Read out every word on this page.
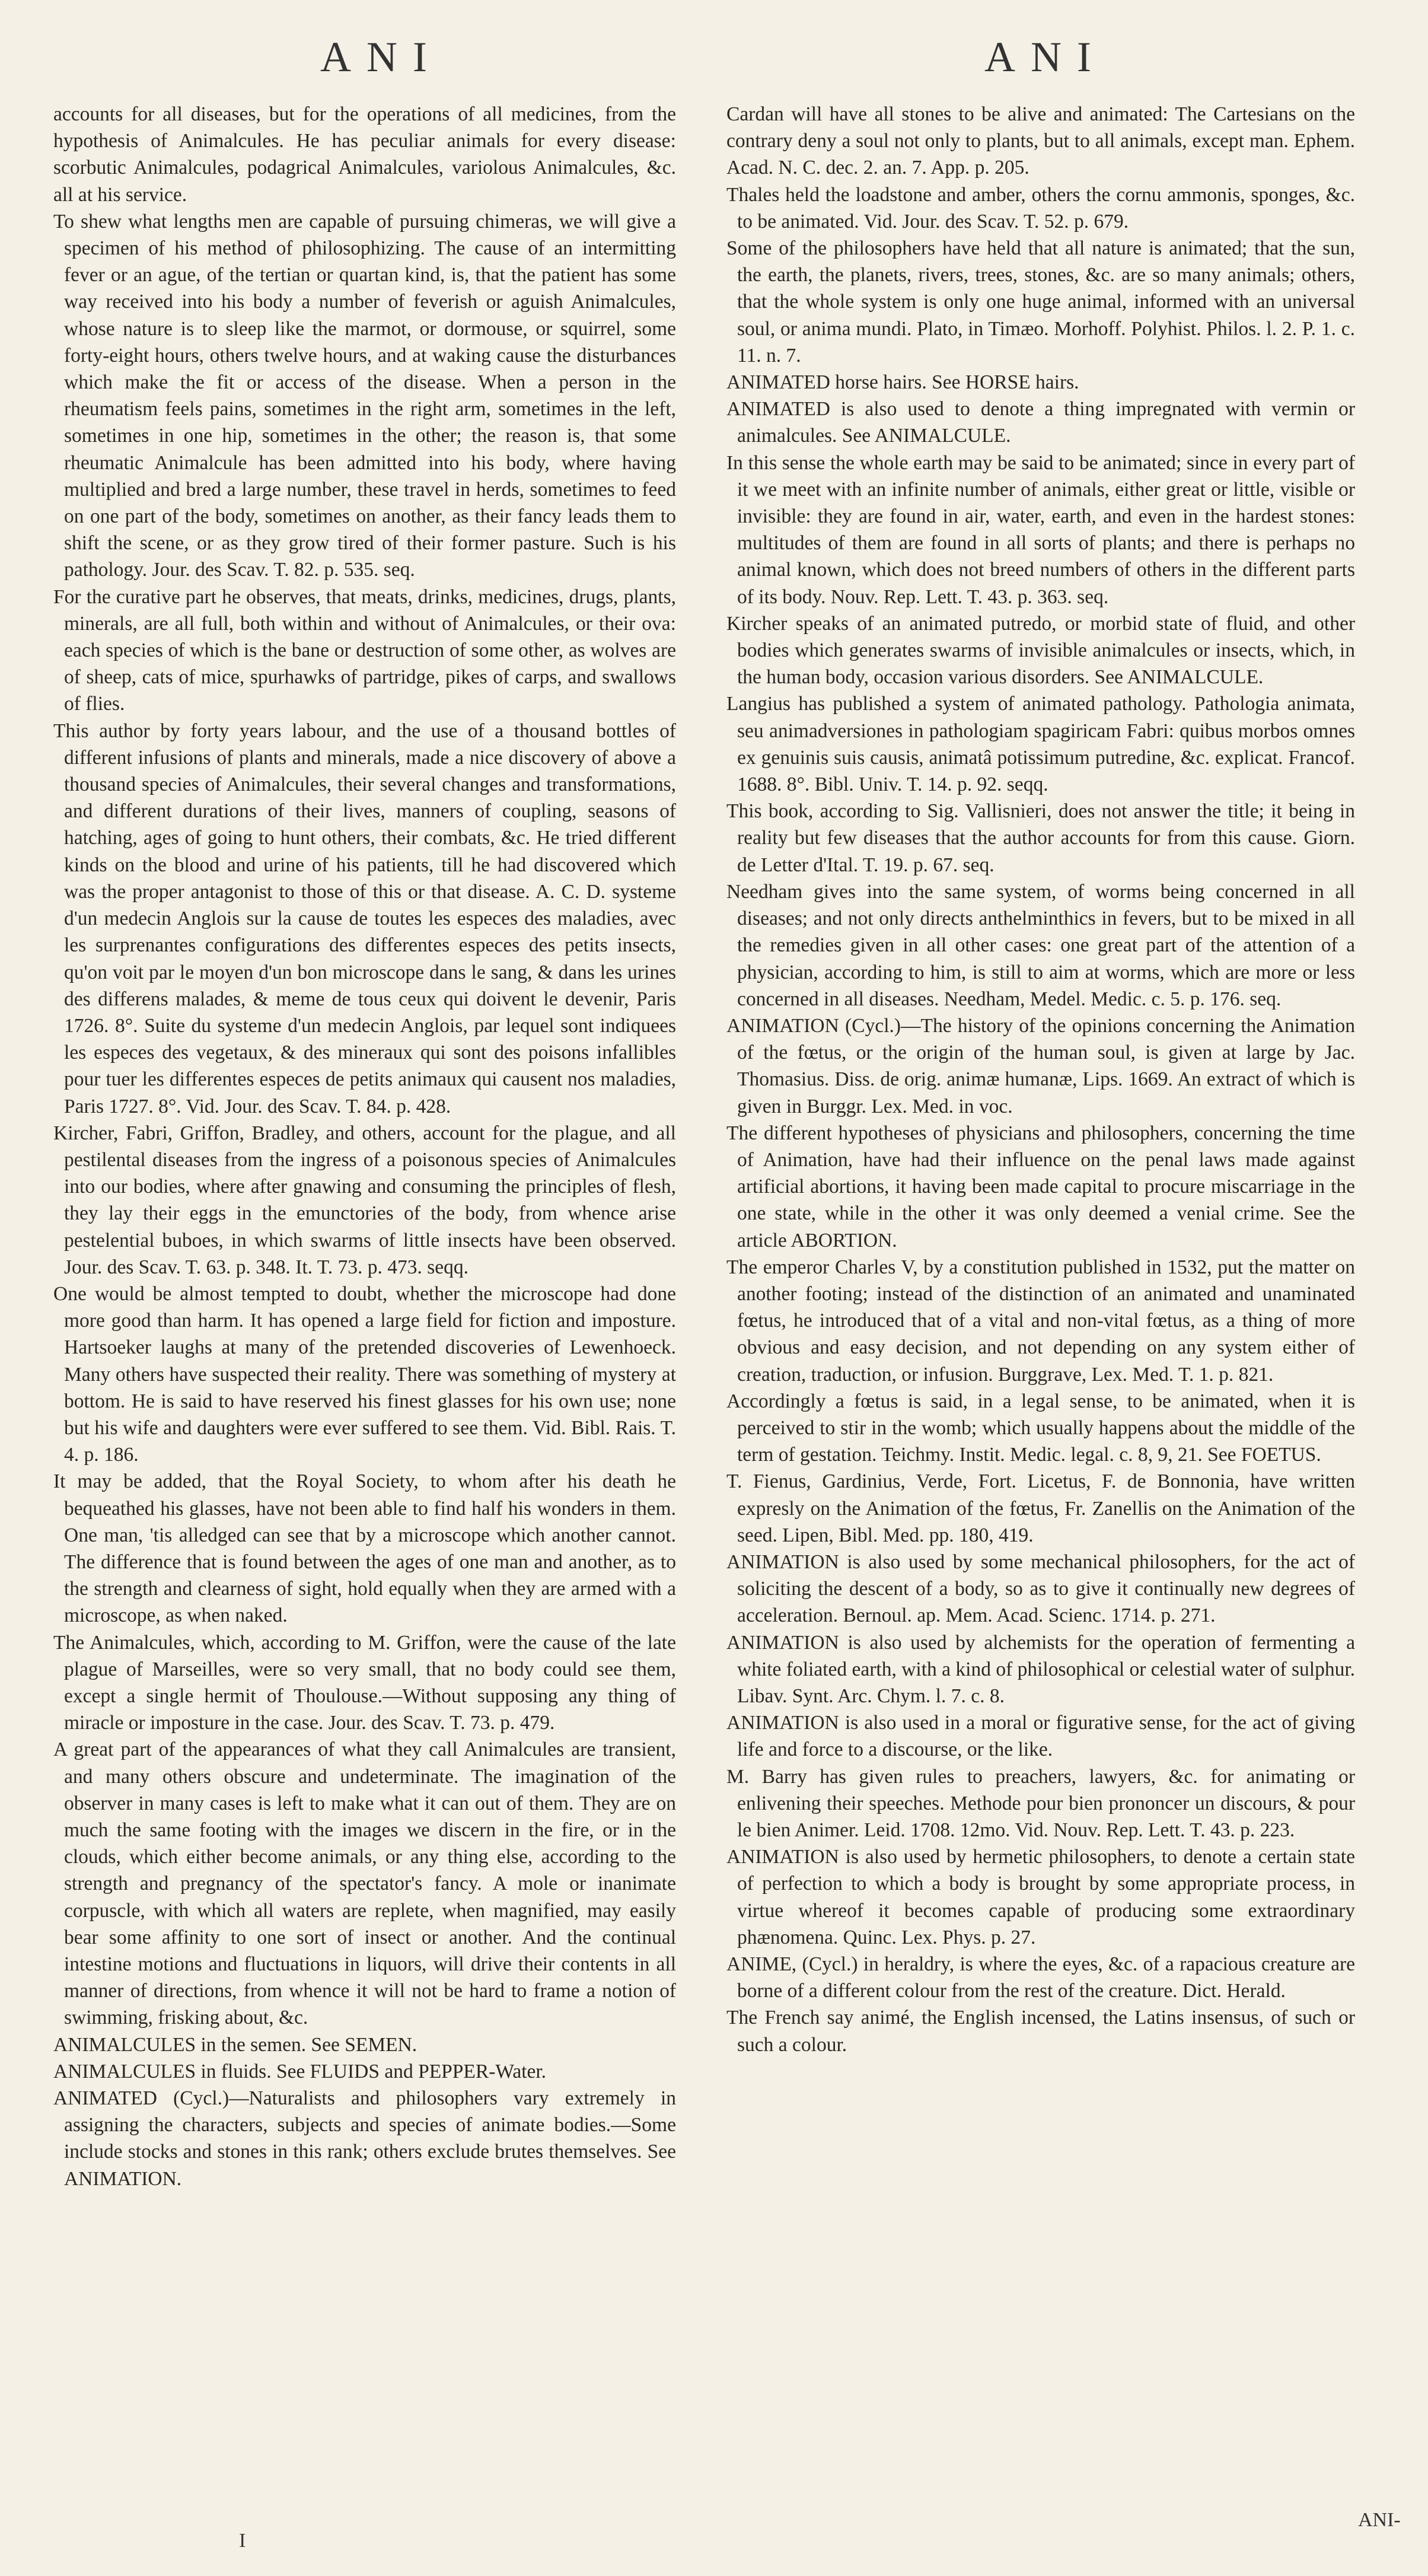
ANI	ANI

accounts for all diseases, but for the operations of all medicines, from the hypothesis of Animalcules. He has peculiar animals for every disease: scorbutic Animalcules, podagrical Animalcules, variolous Animalcules, &c. all at his service.

To shew what lengths men are capable of pursuing chimeras, we will give a specimen of his method of philosophizing. The cause of an intermitting fever or an ague, of the tertian or quartan kind, is, that the patient has some way received into his body a number of feverish or aguish Animalcules, whose nature is to sleep like the marmot, or dormouse, or squirrel, some forty-eight hours, others twelve hours, and at waking cause the disturbances which make the fit or access of the disease. When a person in the rheumatism feels pains, sometimes in the right arm, sometimes in the left, sometimes in one hip, sometimes in the other; the reason is, that some rheumatic Animalcule has been admitted into his body, where having multiplied and bred a large number, these travel in herds, sometimes to feed on one part of the body, sometimes on another, as their fancy leads them to shift the scene, or as they grow tired of their former pasture. Such is his pathology. Jour. des Scav. T. 82. p. 535. seq.

For the curative part he observes, that meats, drinks, medicines, drugs, plants, minerals, are all full, both within and without of Animalcules, or their ova: each species of which is the bane or destruction of some other, as wolves are of sheep, cats of mice, spurhawks of partridge, pikes of carps, and swallows of flies.

This author by forty years labour, and the use of a thousand bottles of different infusions of plants and minerals, made a nice discovery of above a thousand species of Animalcules, their several changes and transformations, and different durations of their lives, manners of coupling, seasons of hatching, ages of going to hunt others, their combats, &c. He tried different kinds on the blood and urine of his patients, till he had discovered which was the proper antagonist to those of this or that disease. A. C. D. systeme d'un medecin Anglois sur la cause de toutes les especes des maladies, avec les surprenantes configurations des differentes especes des petits insects, qu'on voit par le moyen d'un bon microscope dans le sang, & dans les urines des differens malades, & meme de tous ceux qui doivent le devenir, Paris 1726. 8°. Suite du systeme d'un medecin Anglois, par lequel sont indiquees les especes des vegetaux, & des mineraux qui sont des poisons infallibles pour tuer les differentes especes de petits animaux qui causent nos maladies, Paris 1727. 8°. Vid. Jour. des Scav. T. 84. p. 428.

Kircher, Fabri, Griffon, Bradley, and others, account for the plague, and all pestilental diseases from the ingress of a poisonous species of Animalcules into our bodies, where after gnawing and consuming the principles of flesh, they lay their eggs in the emunctories of the body, from whence arise pestelential buboes, in which swarms of little insects have been observed. Jour. des Scav. T. 63. p. 348. It. T. 73. p. 473. seqq.

One would be almost tempted to doubt, whether the microscope had done more good than harm. It has opened a large field for fiction and imposture. Hartsoeker laughs at many of the pretended discoveries of Lewenhoeck. Many others have suspected their reality. There was something of mystery at bottom. He is said to have reserved his finest glasses for his own use; none but his wife and daughters were ever suffered to see them. Vid. Bibl. Rais. T. 4. p. 186.

It may be added, that the Royal Society, to whom after his death he bequeathed his glasses, have not been able to find half his wonders in them. One man, 'tis alledged can see that by a microscope which another cannot. The difference that is found between the ages of one man and another, as to the strength and clearness of sight, hold equally when they are armed with a microscope, as when naked.

The Animalcules, which, according to M. Griffon, were the cause of the late plague of Marseilles, were so very small, that no body could see them, except a single hermit of Thoulouse.—Without supposing any thing of miracle or imposture in the case. Jour. des Scav. T. 73. p. 479.

A great part of the appearances of what they call Animalcules are transient, and many others obscure and undeterminate. The imagination of the observer in many cases is left to make what it can out of them. They are on much the same footing with the images we discern in the fire, or in the clouds, which either become animals, or any thing else, according to the strength and pregnancy of the spectator's fancy. A mole or inanimate corpuscle, with which all waters are replete, when magnified, may easily bear some affinity to one sort of insect or another. And the continual intestine motions and fluctuations in liquors, will drive their contents in all manner of directions, from whence it will not be hard to frame a notion of swimming, frisking about, &c.

ANIMALCULES in the semen. See SEMEN.

ANIMALCULES in fluids. See FLUIDS and PEPPER-Water.

ANIMATED (Cycl.)—Naturalists and philosophers vary extremely in assigning the characters, subjects and species of animate bodies.—Some include stocks and stones in this rank; others exclude brutes themselves. See ANIMATION.

Cardan will have all stones to be alive and animated: The Cartesians on the contrary deny a soul not only to plants, but to all animals, except man. Ephem. Acad. N. C. dec. 2. an. 7. App. p. 205.

Thales held the loadstone and amber, others the cornu ammonis, sponges, &c. to be animated. Vid. Jour. des Scav. T. 52. p. 679.

Some of the philosophers have held that all nature is animated; that the sun, the earth, the planets, rivers, trees, stones, &c. are so many animals; others, that the whole system is only one huge animal, informed with an universal soul, or anima mundi. Plato, in Timæo. Morhoff. Polyhist. Philos. l. 2. P. 1. c. 11. n. 7.

ANIMATED horse hairs. See HORSE hairs.

ANIMATED is also used to denote a thing impregnated with vermin or animalcules. See ANIMALCULE.

In this sense the whole earth may be said to be animated; since in every part of it we meet with an infinite number of animals, either great or little, visible or invisible: they are found in air, water, earth, and even in the hardest stones: multitudes of them are found in all sorts of plants; and there is perhaps no animal known, which does not breed numbers of others in the different parts of its body. Nouv. Rep. Lett. T. 43. p. 363. seq.

Kircher speaks of an animated putredo, or morbid state of fluid, and other bodies which generates swarms of invisible animalcules or insects, which, in the human body, occasion various disorders. See ANIMALCULE.

Langius has published a system of animated pathology. Pathologia animata, seu animadversiones in pathologiam spagiricam Fabri: quibus morbos omnes ex genuinis suis causis, animatâ potissimum putredine, &c. explicat. Francof. 1688. 8°. Bibl. Univ. T. 14. p. 92. seqq.

This book, according to Sig. Vallisnieri, does not answer the title; it being in reality but few diseases that the author accounts for from this cause. Giorn. de Letter d'Ital. T. 19. p. 67. seq.

Needham gives into the same system, of worms being concerned in all diseases; and not only directs anthelminthics in fevers, but to be mixed in all the remedies given in all other cases: one great part of the attention of a physician, according to him, is still to aim at worms, which are more or less concerned in all diseases. Needham, Medel. Medic. c. 5. p. 176. seq.

ANIMATION (Cycl.)—The history of the opinions concerning the Animation of the fœtus, or the origin of the human soul, is given at large by Jac. Thomasius. Diss. de orig. animæ humanæ, Lips. 1669. An extract of which is given in Burggr. Lex. Med. in voc.

The different hypotheses of physicians and philosophers, concerning the time of Animation, have had their influence on the penal laws made against artificial abortions, it having been made capital to procure miscarriage in the one state, while in the other it was only deemed a venial crime. See the article ABORTION.

The emperor Charles V, by a constitution published in 1532, put the matter on another footing; instead of the distinction of an animated and unaminated fœtus, he introduced that of a vital and non-vital fœtus, as a thing of more obvious and easy decision, and not depending on any system either of creation, traduction, or infusion. Burggrave, Lex. Med. T. 1. p. 821.

Accordingly a fœtus is said, in a legal sense, to be animated, when it is perceived to stir in the womb; which usually happens about the middle of the term of gestation. Teichmy. Instit. Medic. legal. c. 8, 9, 21. See FOETUS.

T. Fienus, Gardinius, Verde, Fort. Licetus, F. de Bonnonia, have written expresly on the Animation of the fœtus, Fr. Zanellis on the Animation of the seed. Lipen, Bibl. Med. pp. 180, 419.

ANIMATION is also used by some mechanical philosophers, for the act of soliciting the descent of a body, so as to give it continually new degrees of acceleration. Bernoul. ap. Mem. Acad. Scienc. 1714. p. 271.

ANIMATION is also used by alchemists for the operation of fermenting a white foliated earth, with a kind of philosophical or celestial water of sulphur. Libav. Synt. Arc. Chym. l. 7. c. 8.

ANIMATION is also used in a moral or figurative sense, for the act of giving life and force to a discourse, or the like.

M. Barry has given rules to preachers, lawyers, &c. for animating or enlivening their speeches. Methode pour bien prononcer un discours, & pour le bien Animer. Leid. 1708. 12mo. Vid. Nouv. Rep. Lett. T. 43. p. 223.

ANIMATION is also used by hermetic philosophers, to denote a certain state of perfection to which a body is brought by some appropriate process, in virtue whereof it becomes capable of producing some extraordinary phænomena. Quinc. Lex. Phys. p. 27.

ANIME, (Cycl.) in heraldry, is where the eyes, &c. of a rapacious creature are borne of a different colour from the rest of the creature. Dict. Herald.

The French say animé, the English incensed, the Latins insensus, of such or such a colour.

I
ANI-
